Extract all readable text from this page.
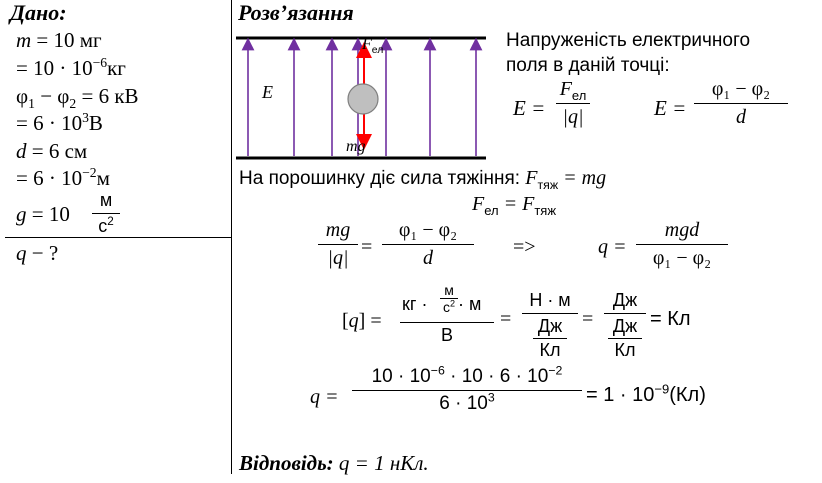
Дано:
m = 10 мг
= $10 \cdot 10^{-6}кг$
$\varphi_1 - \varphi_2 = 6$ кВ
= $6 \cdot 10^3В$
d = 6 см
= $6 \cdot 10^{-2}м$
g = 10
м
$с^2$
q − ?
Розв’язання
E
$F_{ел}$
mg
Напруженість електричного
поля в даній точці:
E =
$F_{ел}$
|q|	E =
φ₁ − φ₂
d
На порошинку діє сила тяжіння: $F_{тяж}$ = mg
$F_{ел} = F_{тяж}$
mg
|q| =
φ₁ − φ₂
d	=>	q =
mgd
φ₁ − φ₂
[q] =
кг ·
м
$с^2 \cdot м$
В
=
Н · м
Дж
Кл
=
Дж
Дж
Кл
= Кл
q =
$10 \cdot 10^{-6} \cdot 10 \cdot 6 \cdot 10^{-2}$
$6 \cdot 10^3$	= $1 \cdot 10^{-9}(Кл)$
Відповідь: q = 1 нКл.
